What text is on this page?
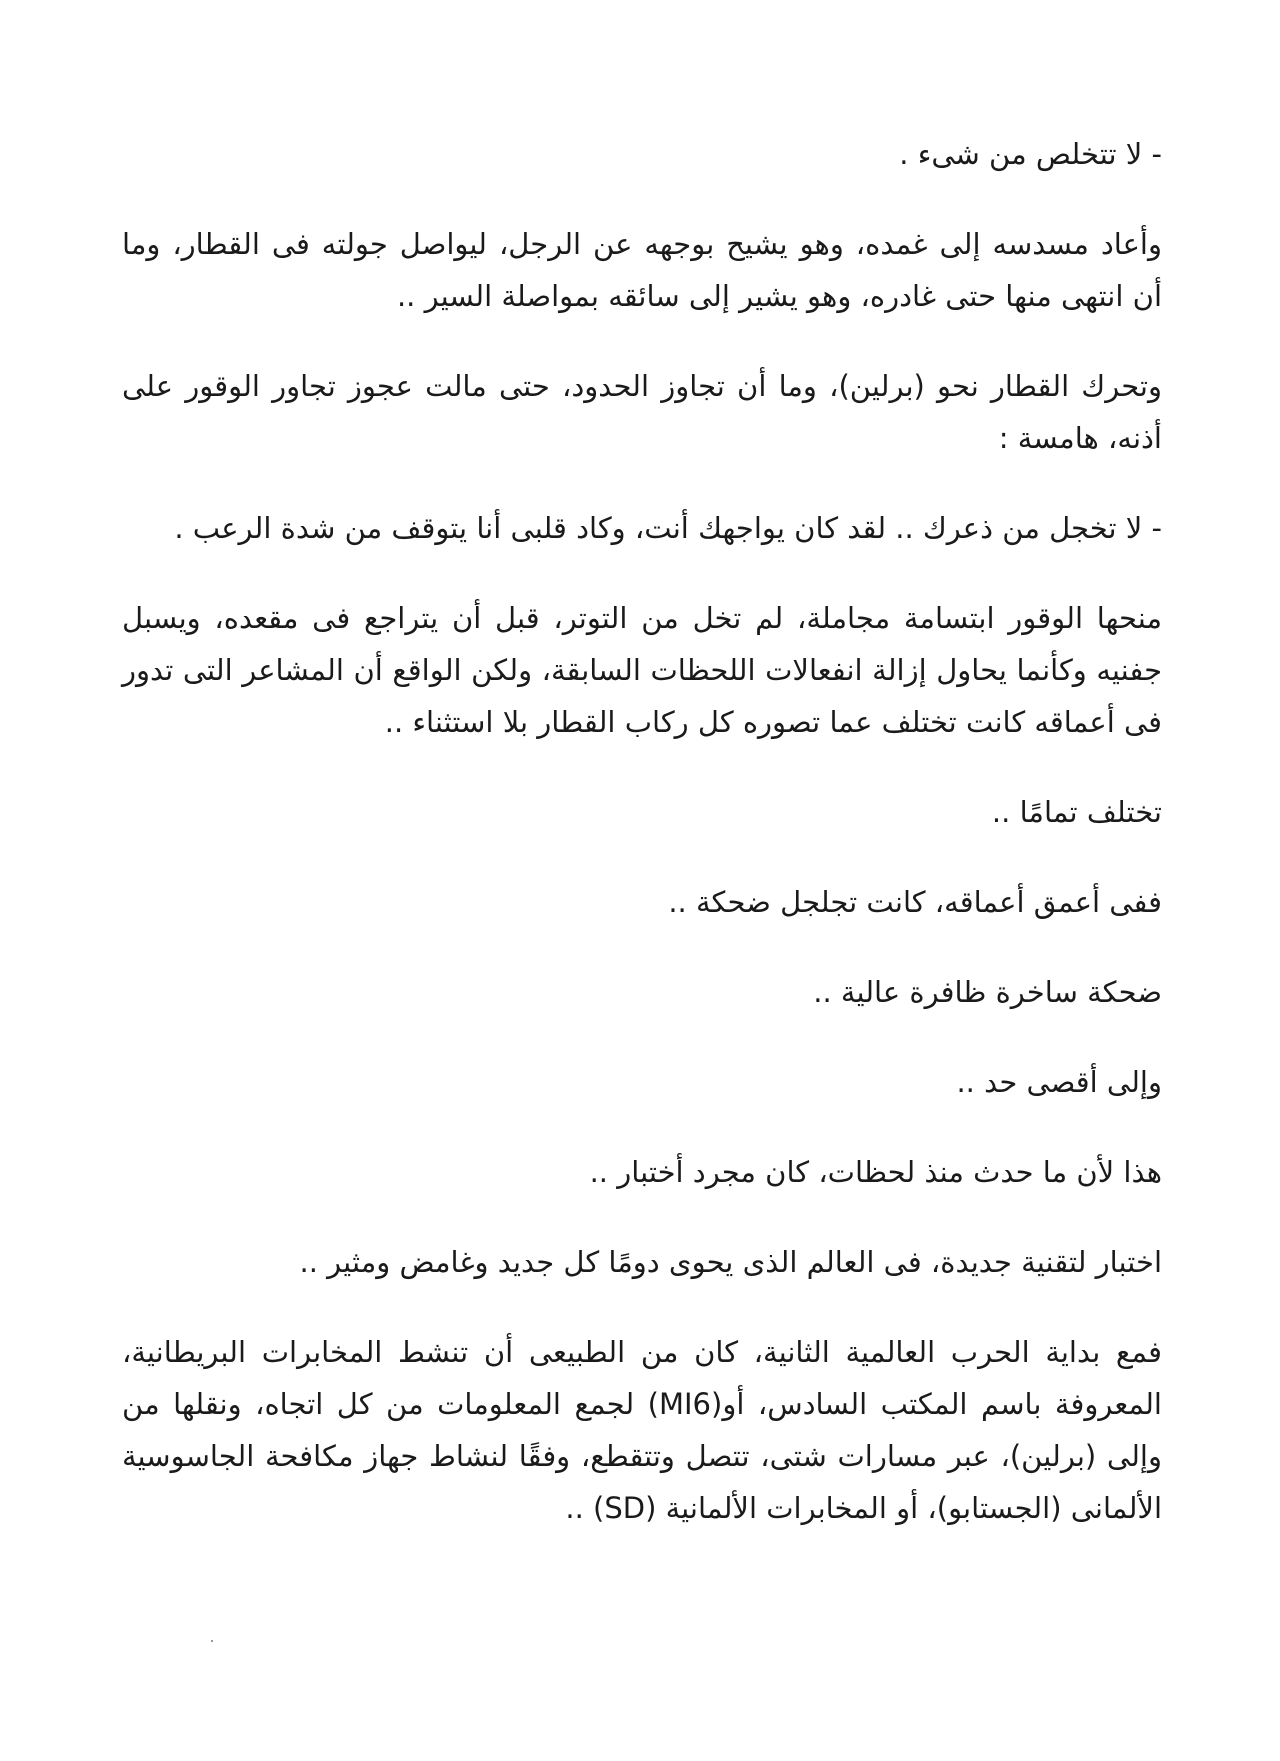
- لا تتخلص من شىء .

وأعاد مسدسه إلى غمده، وهو يشيح بوجهه عن الرجل، ليواصل جولته فى القطار، وما أن انتهى منها حتى غادره، وهو يشير إلى سائقه بمواصلة السير ..

وتحرك القطار نحو (برلين)، وما أن تجاوز الحدود، حتى مالت عجوز تجاور الوقور على أذنه، هامسة :

- لا تخجل من ذعرك .. لقد كان يواجهك أنت، وكاد قلبى أنا يتوقف من شدة الرعب .

منحها الوقور ابتسامة مجاملة، لم تخل من التوتر، قبل أن يتراجع فى مقعده، ويسبل جفنيه وكأنما يحاول إزالة انفعالات اللحظات السابقة، ولكن الواقع أن المشاعر التى تدور فى أعماقه كانت تختلف عما تصوره كل ركاب القطار بلا استثناء ..

تختلف تمامًا ..

ففى أعمق أعماقه، كانت تجلجل ضحكة ..

ضحكة ساخرة ظافرة عالية ..

وإلى أقصى حد ..

هذا لأن ما حدث منذ لحظات، كان مجرد أختبار ..

اختبار لتقنية جديدة، فى العالم الذى يحوى دومًا كل جديد وغامض ومثير ..

فمع بداية الحرب العالمية الثانية، كان من الطبيعى أن تنشط المخابرات البريطانية، المعروفة باسم المكتب السادس، أو(MI6) لجمع المعلومات من كل اتجاه، ونقلها من وإلى (برلين)، عبر مسارات شتى، تتصل وتتقطع، وفقًا لنشاط جهاز مكافحة الجاسوسية الألمانى (الجستابو)، أو المخابرات الألمانية (SD) ..
